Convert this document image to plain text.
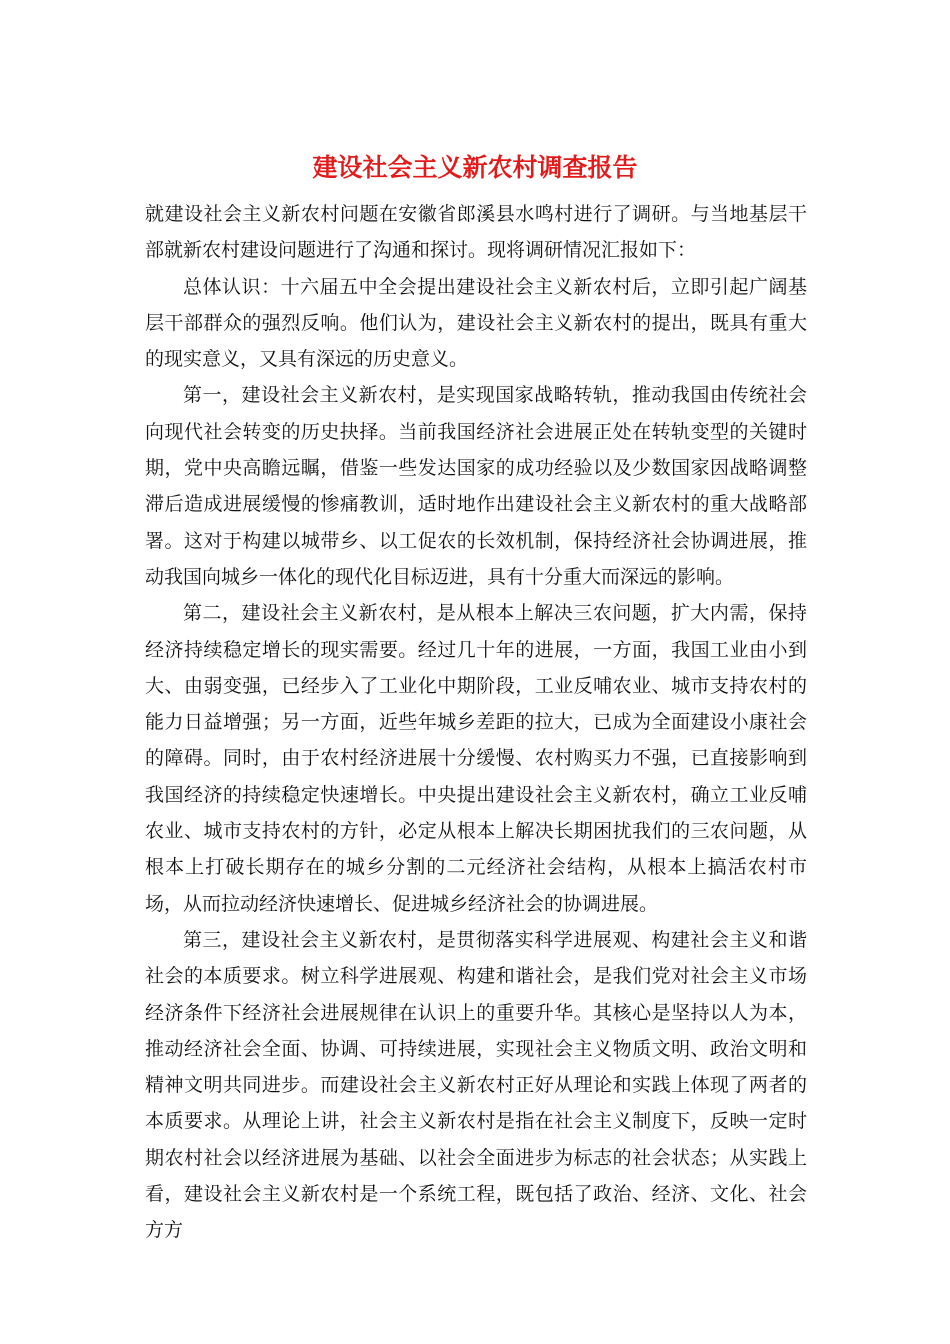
建设社会主义新农村调查报告

就建设社会主义新农村问题在安徽省郎溪县水鸣村进行了调研。与当地基层干部就新农村建设问题进行了沟通和探讨。现将调研情况汇报如下：

总体认识：十六届五中全会提出建设社会主义新农村后，立即引起广阔基层干部群众的强烈反响。他们认为，建设社会主义新农村的提出，既具有重大的现实意义，又具有深远的历史意义。

第一，建设社会主义新农村，是实现国家战略转轨，推动我国由传统社会向现代社会转变的历史抉择。当前我国经济社会进展正处在转轨变型的关键时期，党中央高瞻远瞩，借鉴一些发达国家的成功经验以及少数国家因战略调整滞后造成进展缓慢的惨痛教训，适时地作出建设社会主义新农村的重大战略部署。这对于构建以城带乡、以工促农的长效机制，保持经济社会协调进展，推动我国向城乡一体化的现代化目标迈进，具有十分重大而深远的影响。

第二，建设社会主义新农村，是从根本上解决三农问题，扩大内需，保持经济持续稳定增长的现实需要。经过几十年的进展，一方面，我国工业由小到大、由弱变强，已经步入了工业化中期阶段，工业反哺农业、城市支持农村的能力日益增强；另一方面，近些年城乡差距的拉大，已成为全面建设小康社会的障碍。同时，由于农村经济进展十分缓慢、农村购买力不强，已直接影响到我国经济的持续稳定快速增长。中央提出建设社会主义新农村，确立工业反哺农业、城市支持农村的方针，必定从根本上解决长期困扰我们的三农问题，从根本上打破长期存在的城乡分割的二元经济社会结构，从根本上搞活农村市场，从而拉动经济快速增长、促进城乡经济社会的协调进展。

第三，建设社会主义新农村，是贯彻落实科学进展观、构建社会主义和谐社会的本质要求。树立科学进展观、构建和谐社会，是我们党对社会主义市场经济条件下经济社会进展规律在认识上的重要升华。其核心是坚持以人为本，推动经济社会全面、协调、可持续进展，实现社会主义物质文明、政治文明和精神文明共同进步。而建设社会主义新农村正好从理论和实践上体现了两者的本质要求。从理论上讲，社会主义新农村是指在社会主义制度下，反映一定时期农村社会以经济进展为基础、以社会全面进步为标志的社会状态；从实践上看，建设社会主义新农村是一个系统工程，既包括了政治、经济、文化、社会方方
